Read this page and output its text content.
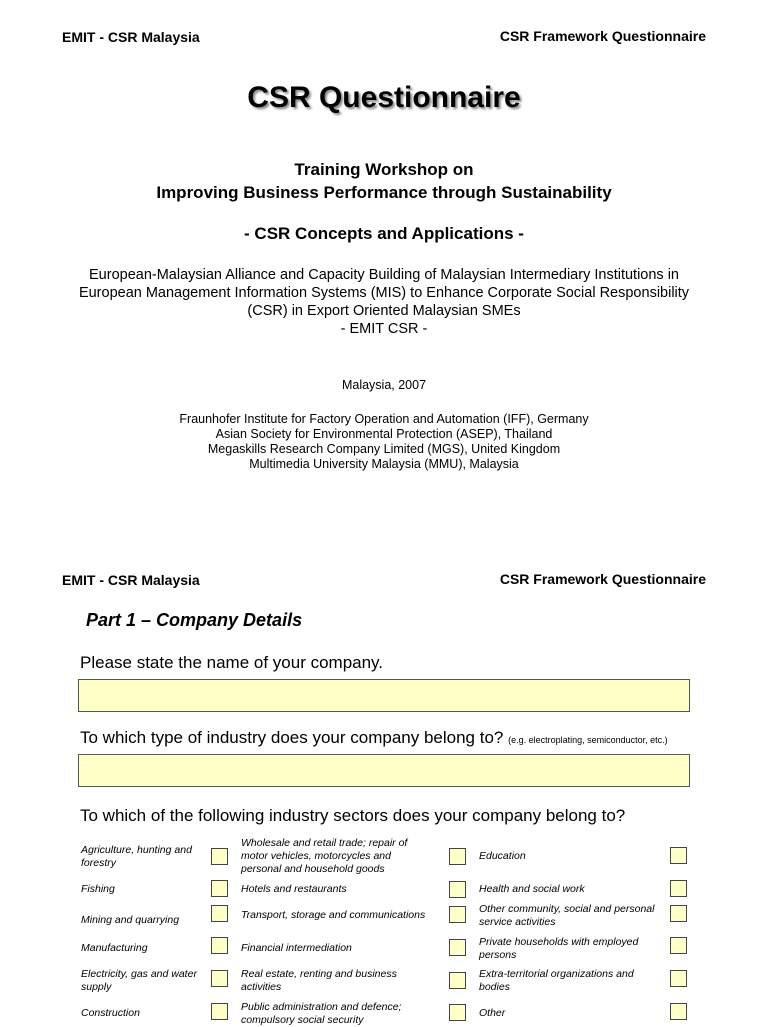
EMIT - CSR Malaysia	CSR Framework Questionnaire
CSR Questionnaire
Training Workshop on
Improving Business Performance through Sustainability
- CSR Concepts and Applications -
European-Malaysian Alliance and Capacity Building of Malaysian Intermediary Institutions in
European Management Information Systems (MIS) to Enhance Corporate Social Responsibility
(CSR) in Export Oriented Malaysian SMEs
- EMIT CSR -
Malaysia, 2007
Fraunhofer Institute for Factory Operation and Automation (IFF), Germany
Asian Society for Environmental Protection (ASEP), Thailand
Megaskills Research Company Limited (MGS), United Kingdom
Multimedia University Malaysia (MMU), Malaysia
EMIT - CSR Malaysia	CSR Framework Questionnaire
Part 1 – Company Details
Please state the name of your company.
To which type of industry does your company belong to? (e.g. electroplating, semiconductor, etc.)
To which of the following industry sectors does your company belong to?
Agriculture, hunting and forestry
Fishing
Mining and quarrying
Manufacturing
Electricity, gas and water supply
Construction
Wholesale and retail trade; repair of motor vehicles, motorcycles and personal and household goods
Hotels and restaurants
Transport, storage and communications
Financial intermediation
Real estate, renting and business activities
Public administration and defence; compulsory social security
Education
Health and social work
Other community, social and personal service activities
Private households with employed persons
Extra-territorial organizations and bodies
Other
